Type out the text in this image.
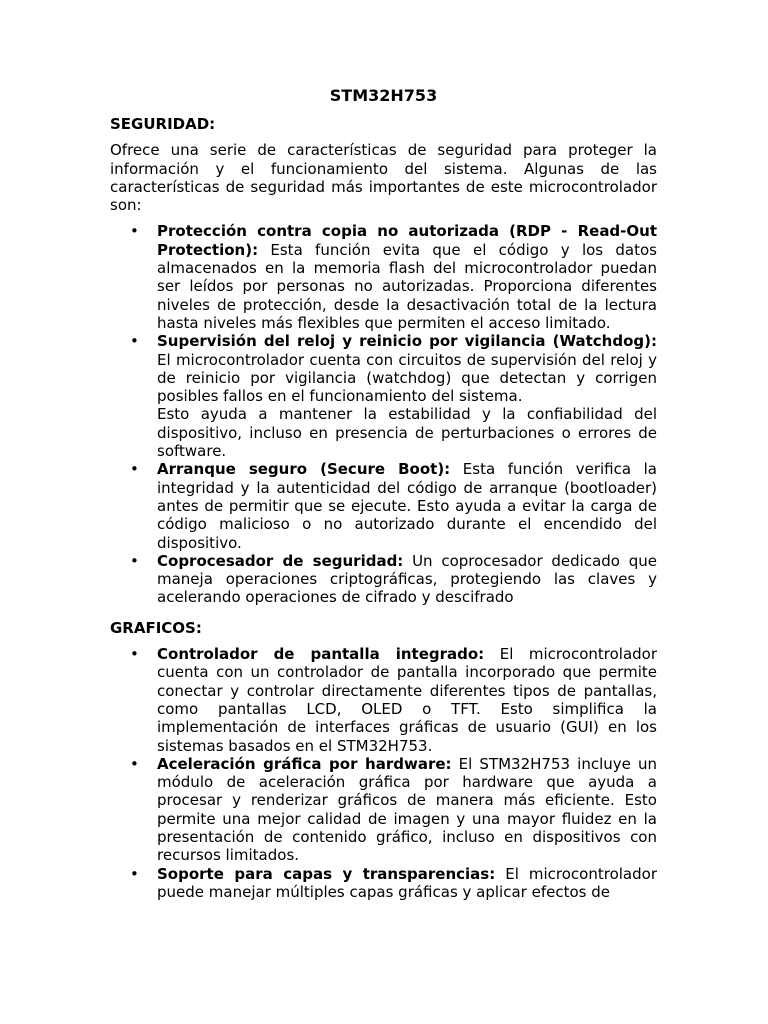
STM32H753
SEGURIDAD:
Ofrece una serie de características de seguridad para proteger la información y el funcionamiento del sistema. Algunas de las características de seguridad más importantes de este microcontrolador son:
• Protección contra copia no autorizada (RDP - Read-Out Protection): Esta función evita que el código y los datos almacenados en la memoria flash del microcontrolador puedan ser leídos por personas no autorizadas. Proporciona diferentes niveles de protección, desde la desactivación total de la lectura hasta niveles más flexibles que permiten el acceso limitado.
• Supervisión del reloj y reinicio por vigilancia (Watchdog): El microcontrolador cuenta con circuitos de supervisión del reloj y de reinicio por vigilancia (watchdog) que detectan y corrigen posibles fallos en el funcionamiento del sistema.
Esto ayuda a mantener la estabilidad y la confiabilidad del dispositivo, incluso en presencia de perturbaciones o errores de software.
• Arranque seguro (Secure Boot): Esta función verifica la integridad y la autenticidad del código de arranque (bootloader) antes de permitir que se ejecute. Esto ayuda a evitar la carga de código malicioso o no autorizado durante el encendido del dispositivo.
• Coprocesador de seguridad: Un coprocesador dedicado que maneja operaciones criptográficas, protegiendo las claves y acelerando operaciones de cifrado y descifrado
GRAFICOS:
• Controlador de pantalla integrado: El microcontrolador cuenta con un controlador de pantalla incorporado que permite conectar y controlar directamente diferentes tipos de pantallas, como pantallas LCD, OLED o TFT. Esto simplifica la implementación de interfaces gráficas de usuario (GUI) en los sistemas basados en el STM32H753.
• Aceleración gráfica por hardware: El STM32H753 incluye un módulo de aceleración gráfica por hardware que ayuda a procesar y renderizar gráficos de manera más eficiente. Esto permite una mejor calidad de imagen y una mayor fluidez en la presentación de contenido gráfico, incluso en dispositivos con recursos limitados.
• Soporte para capas y transparencias: El microcontrolador puede manejar múltiples capas gráficas y aplicar efectos de
